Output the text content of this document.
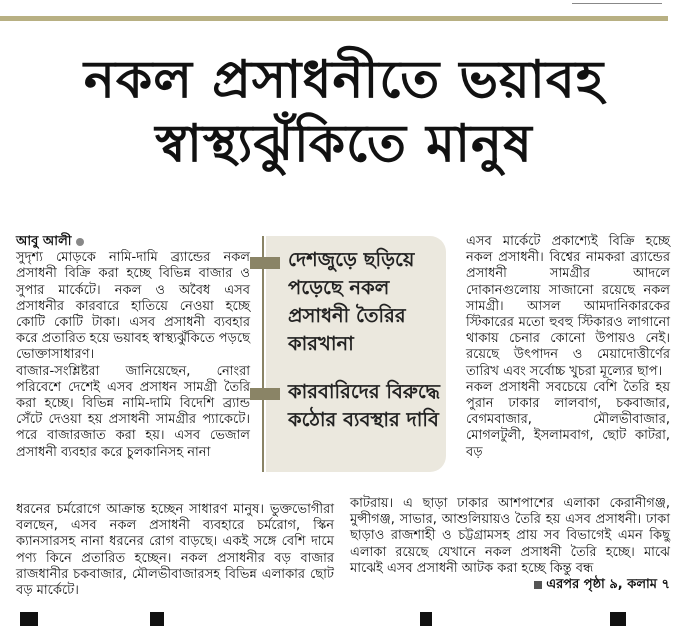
নকল প্রসাধনীতে ভয়াবহ
স্বাস্থ্যঝুঁকিতে মানুষ

আবু আলী

সুদৃশ্য মোড়কে নামি-দামি ব্র্যান্ডের নকল প্রসাধনী বিক্রি করা হচ্ছে বিভিন্ন বাজার ও সুপার মার্কেটে। নকল ও অবৈধ এসব প্রসাধনীর কারবারে হাতিয়ে নেওয়া হচ্ছে কোটি কোটি টাকা। এসব প্রসাধনী ব্যবহার করে প্রতারিত হয়ে ভয়াবহ স্বাস্থ্যঝুঁকিতে পড়ছে ভোক্তাসাধারণ।

বাজার-সংশ্লিষ্টরা জানিয়েছেন, নোংরা পরিবেশে দেশেই এসব প্রসাধন সামগ্রী তৈরি করা হচ্ছে। বিভিন্ন নামি-দামি বিদেশি ব্র্যান্ড সেঁটে দেওয়া হয় প্রসাধনী সামগ্রীর প্যাকেটে। পরে বাজারজাত করা হয়। এসব ভেজাল প্রসাধনী ব্যবহার করে চুলকানিসহ নানা

দেশজুড়ে ছড়িয়ে পড়েছে নকল প্রসাধনী তৈরির কারখানা
কারবারিদের বিরুদ্ধে কঠোর ব্যবস্থার দাবি

এসব মার্কেটে প্রকাশ্যেই বিক্রি হচ্ছে নকল প্রসাধনী। বিশ্বের নামকরা ব্র্যান্ডের প্রসাধনী সামগ্রীর আদলে দোকানগুলোয় সাজানো রয়েছে নকল সামগ্রী। আসল আমদানিকারকের স্টিকারের মতো হুবহু স্টিকারও লাগানো থাকায় চেনার কোনো উপায়ও নেই। রয়েছে উৎপাদন ও মেয়াদোত্তীর্ণের তারিখ এবং সর্বোচ্চ খুচরা মূল্যের ছাপ।

নকল প্রসাধনী সবচেয়ে বেশি তৈরি হয় পুরান ঢাকার লালবাগ, চকবাজার, বেগমবাজার, মৌলভীবাজার, মোগলটুলী, ইসলামবাগ, ছোট কাটরা, বড়

ধরনের চর্মরোগে আক্রান্ত হচ্ছেন সাধারণ মানুষ। ভুক্তভোগীরা বলছেন, এসব নকল প্রসাধনী ব্যবহারে চর্মরোগ, স্কিন ক্যানসারসহ নানা ধরনের রোগ বাড়ছে। একই সঙ্গে বেশি দামে পণ্য কিনে প্রতারিত হচ্ছেন। নকল প্রসাধনীর বড় বাজার রাজধানীর চকবাজার, মৌলভীবাজারসহ বিভিন্ন এলাকার ছোট বড় মার্কেটে।

কাটরায়। এ ছাড়া ঢাকার আশপাশের এলাকা কেরানীগঞ্জ, মুন্সীগঞ্জ, সাভার, আশুলিয়ায়ও তৈরি হয় এসব প্রসাধনী। ঢাকা ছাড়াও রাজশাহী ও চট্টগ্রামসহ প্রায় সব বিভাগেই এমন কিছু এলাকা রয়েছে যেখানে নকল প্রসাধনী তৈরি হচ্ছে। মাঝে মাঝেই এসব প্রসাধনী আটক করা হচ্ছে কিন্তু বন্ধ

এরপর পৃষ্ঠা ৯, কলাম ৭
